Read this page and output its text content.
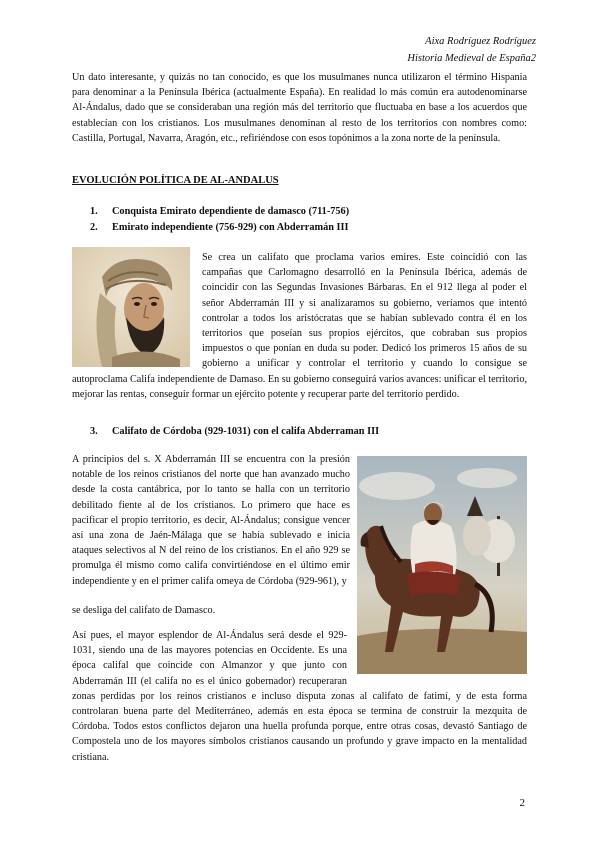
Aixa Rodríguez Rodríguez
Historia Medieval de España2

Un dato interesante, y quizás no tan conocido, es que los musulmanes nunca utilizaron el término Hispania para denominar a la Península Ibérica (actualmente España). En realidad lo más común era autodenominarse Al-Ándalus, dado que se consideraban una región más del territorio que fluctuaba en base a los acuerdos que establecían con los cristianos. Los musulmanes denominan al resto de los territorios con nombres como: Castilla, Portugal, Navarra, Aragón, etc., refiriéndose con esos topónimos a la zona norte de la península.

EVOLUCIÓN POLÍTICA DE AL-ANDALUS
1. Conquista Emirato dependiente de damasco (711-756)
2. Emirato independiente (756-929) con Abderramán III

Se crea un califato que proclama varios emires. Este coincidió con las campañas que Carlomagno desarrolló en la Península Ibérica, además de coincidir con las Segundas Invasiones Bárbaras. En el 912 llega al poder el señor Abderramán III y si analizaramos su gobierno, veríamos que intentó controlar a todos los aristócratas que se habían sublevado contra él en los territorios que poseían sus propios ejércitos, que cobraban sus propios impuestos o que ponían en duda su poder. Dedicó los primeros 15 años de su gobierno a unificar y controlar el territorio y cuando lo consigue se autoproclama Califa independiente de Damaso. En su gobierno conseguirá varios avances: unificar el territorio, mejorar las rentas, conseguir formar un ejército potente y recuperar parte del territorio perdido.

3. Califato de Córdoba (929-1031) con el califa Abderraman III

A principios del s. X Abderramán III se encuentra con la presión notable de los reinos cristianos del norte que han avanzado mucho desde la costa cantábrica, por lo tanto se halla con un territorio debilitado fiente al de los cristianos. Lo primero que hace es pacificar el propio territorio, es decir, Al-Ándalus; consigue vencer así una zona de Jaén-Málaga que se había sublevado e inicia ataques selectivos al N del reino de los cristianos. En el año 929 se promulga él mismo como califa convirtiéndose en el último emir independiente y en el primer califa omeya de Córdoba (929-961), y

se desliga del califato de Damasco.

Así pues, el mayor esplendor de Al-Ándalus será desde el 929-1031, siendo una de las mayores potencias en Occidente. Es una época califal que coincide con Almanzor y que junto con Abderramán III (el califa no es el único gobernador) recuperaran zonas perdidas por los reinos cristianos e incluso disputa zonas al califato de fatimí, y de esta forma controlaran buena parte del Mediterráneo, además en esta época se termina de construir la mezquita de Córdoba. Todos estos conflictos dejaron una huella profunda porque, entre otras cosas, devastó Santiago de Compostela uno de los mayores símbolos cristianos causando un profundo y grave impacto en la mentalidad cristiana.

2
